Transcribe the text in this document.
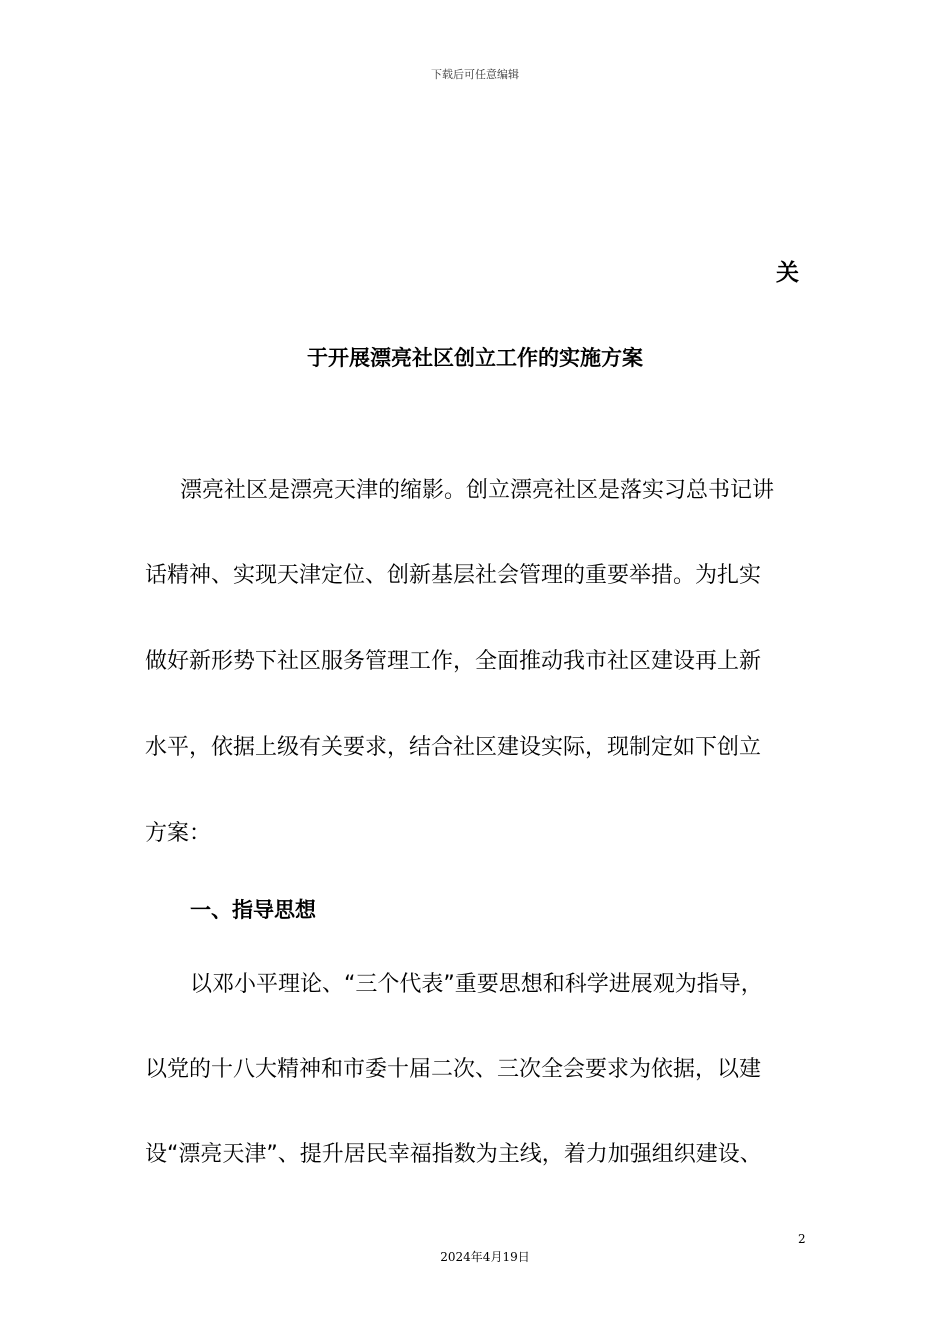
下载后可任意编辑
关
于开展漂亮社区创立工作的实施方案
漂亮社区是漂亮天津的缩影。创立漂亮社区是落实习总书记讲
话精神、实现天津定位、创新基层社会管理的重要举措。为扎实
做好新形势下社区服务管理工作，全面推动我市社区建设再上新
水平，依据上级有关要求，结合社区建设实际，现制定如下创立
方案：
一、指导思想
以邓小平理论、“三个代表”重要思想和科学进展观为指导，
以党的十八大精神和市委十届二次、三次全会要求为依据，以建
设“漂亮天津”、提升居民幸福指数为主线，着力加强组织建设、
2
2024年4月19日
